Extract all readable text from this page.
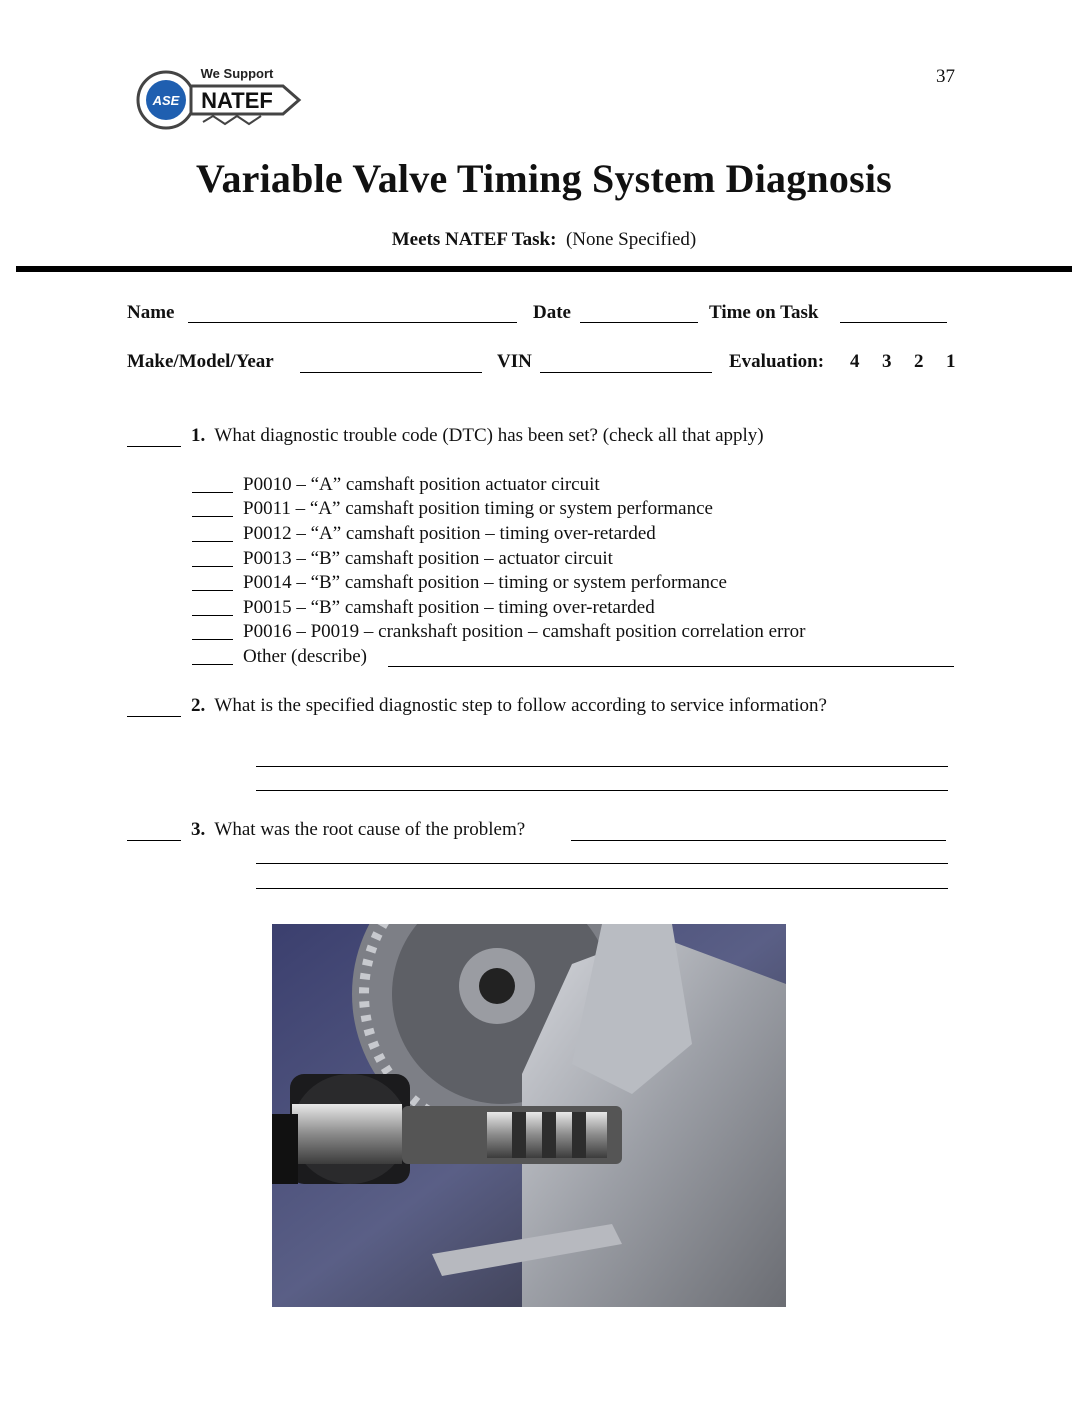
37
ASE
We Support
NATEF
Variable Valve Timing System Diagnosis
Meets NATEF Task: (None Specified)
Name	Date	Time on Task
Make/Model/Year	VIN	Evaluation: 4 3 2 1
1. What diagnostic trouble code (DTC) has been set? (check all that apply)
P0010 – “A” camshaft position actuator circuit
P0011 – “A” camshaft position timing or system performance
P0012 – “A” camshaft position – timing over-retarded
P0013 – “B” camshaft position – actuator circuit
P0014 – “B” camshaft position – timing or system performance
P0015 – “B” camshaft position – timing over-retarded
P0016 – P0019 – crankshaft position – camshaft position correlation error
Other (describe)
2. What is the specified diagnostic step to follow according to service information?
3. What was the root cause of the problem?
